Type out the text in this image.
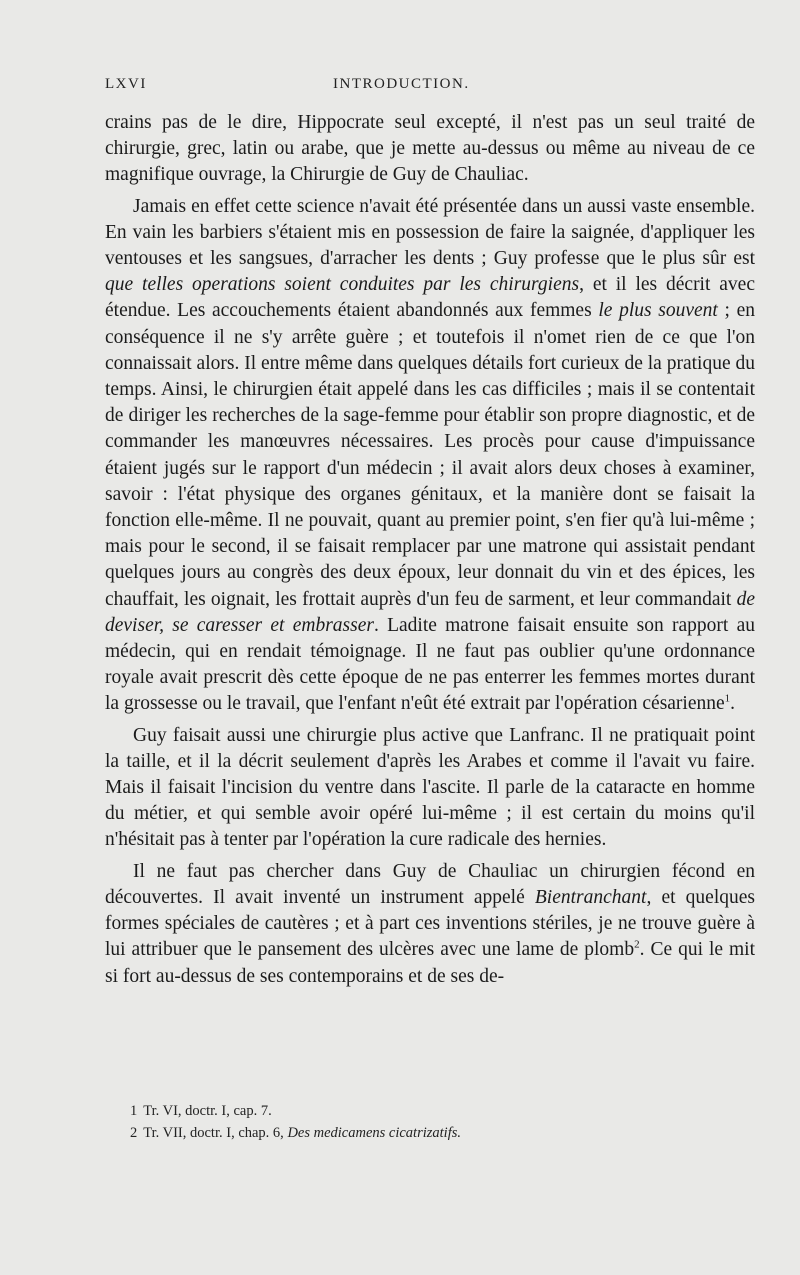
LXVI	INTRODUCTION.

crains pas de le dire, Hippocrate seul excepté, il n'est pas un seul traité de chirurgie, grec, latin ou arabe, que je mette au-dessus ou même au niveau de ce magnifique ouvrage, la Chirurgie de Guy de Chauliac.

Jamais en effet cette science n'avait été présentée dans un aussi vaste ensemble. En vain les barbiers s'étaient mis en possession de faire la saignée, d'appliquer les ventouses et les sangsues, d'arracher les dents ; Guy professe que le plus sûr est que telles operations soient conduites par les chirurgiens, et il les décrit avec étendue. Les accouchements étaient abandonnés aux femmes le plus souvent ; en conséquence il ne s'y arrête guère ; et toutefois il n'omet rien de ce que l'on connaissait alors. Il entre même dans quelques détails fort curieux de la pratique du temps. Ainsi, le chirurgien était appelé dans les cas difficiles ; mais il se contentait de diriger les recherches de la sage-femme pour établir son propre diagnostic, et de commander les manœuvres nécessaires. Les procès pour cause d'impuissance étaient jugés sur le rapport d'un médecin ; il avait alors deux choses à examiner, savoir : l'état physique des organes génitaux, et la manière dont se faisait la fonction elle-même. Il ne pouvait, quant au premier point, s'en fier qu'à lui-même ; mais pour le second, il se faisait remplacer par une matrone qui assistait pendant quelques jours au congrès des deux époux, leur donnait du vin et des épices, les chauffait, les oignait, les frottait auprès d'un feu de sarment, et leur commandait de deviser, se caresser et embrasser. Ladite matrone faisait ensuite son rapport au médecin, qui en rendait témoignage. Il ne faut pas oublier qu'une ordonnance royale avait prescrit dès cette époque de ne pas enterrer les femmes mortes durant la grossesse ou le travail, que l'enfant n'eût été extrait par l'opération césarienne$^1$.

Guy faisait aussi une chirurgie plus active que Lanfranc. Il ne pratiquait point la taille, et il la décrit seulement d'après les Arabes et comme il l'avait vu faire. Mais il faisait l'incision du ventre dans l'ascite. Il parle de la cataracte en homme du métier, et qui semble avoir opéré lui-même ; il est certain du moins qu'il n'hésitait pas à tenter par l'opération la cure radicale des hernies.

Il ne faut pas chercher dans Guy de Chauliac un chirurgien fécond en découvertes. Il avait inventé un instrument appelé Bientranchant, et quelques formes spéciales de cautères ; et à part ces inventions stériles, je ne trouve guère à lui attribuer que le pansement des ulcères avec une lame de plomb$^2$. Ce qui le mit si fort au-dessus de ses contemporains et de ses de-

1 Tr. VI, doctr. I, cap. 7.
2 Tr. VII, doctr. I, chap. 6, Des medicamens cicatrizatifs.
